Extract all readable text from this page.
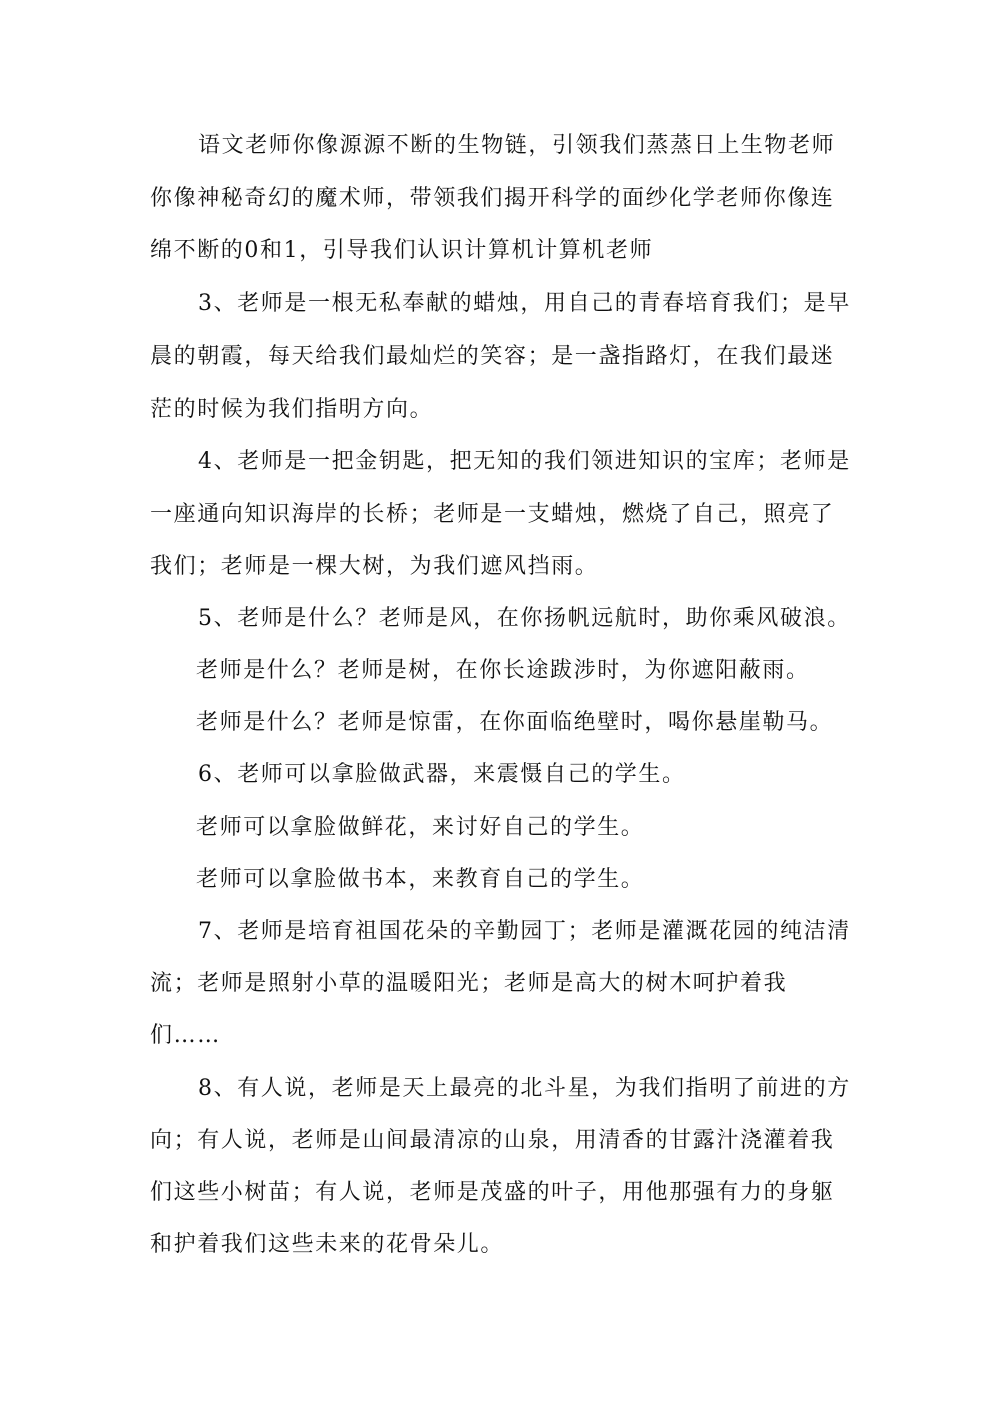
语文老师你像源源不断的生物链，引领我们蒸蒸日上生物老师
你像神秘奇幻的魔术师，带领我们揭开科学的面纱化学老师你像连
绵不断的0和1，引导我们认识计算机计算机老师
3、老师是一根无私奉献的蜡烛，用自己的青春培育我们；是早
晨的朝霞，每天给我们最灿烂的笑容；是一盏指路灯，在我们最迷
茫的时候为我们指明方向。
4、老师是一把金钥匙，把无知的我们领进知识的宝库；老师是
一座通向知识海岸的长桥；老师是一支蜡烛，燃烧了自己，照亮了
我们；老师是一棵大树，为我们遮风挡雨。
5、老师是什么？老师是风，在你扬帆远航时，助你乘风破浪。
老师是什么？老师是树，在你长途跋涉时，为你遮阳蔽雨。
老师是什么？老师是惊雷，在你面临绝壁时，喝你悬崖勒马。
6、老师可以拿脸做武器，来震慑自己的学生。
老师可以拿脸做鲜花，来讨好自己的学生。
老师可以拿脸做书本，来教育自己的学生。
7、老师是培育祖国花朵的辛勤园丁；老师是灌溉花园的纯洁清
流；老师是照射小草的温暖阳光；老师是高大的树木呵护着我
们……
8、有人说，老师是天上最亮的北斗星，为我们指明了前进的方
向；有人说，老师是山间最清凉的山泉，用清香的甘露汁浇灌着我
们这些小树苗；有人说，老师是茂盛的叶子，用他那强有力的身躯
和护着我们这些未来的花骨朵儿。
